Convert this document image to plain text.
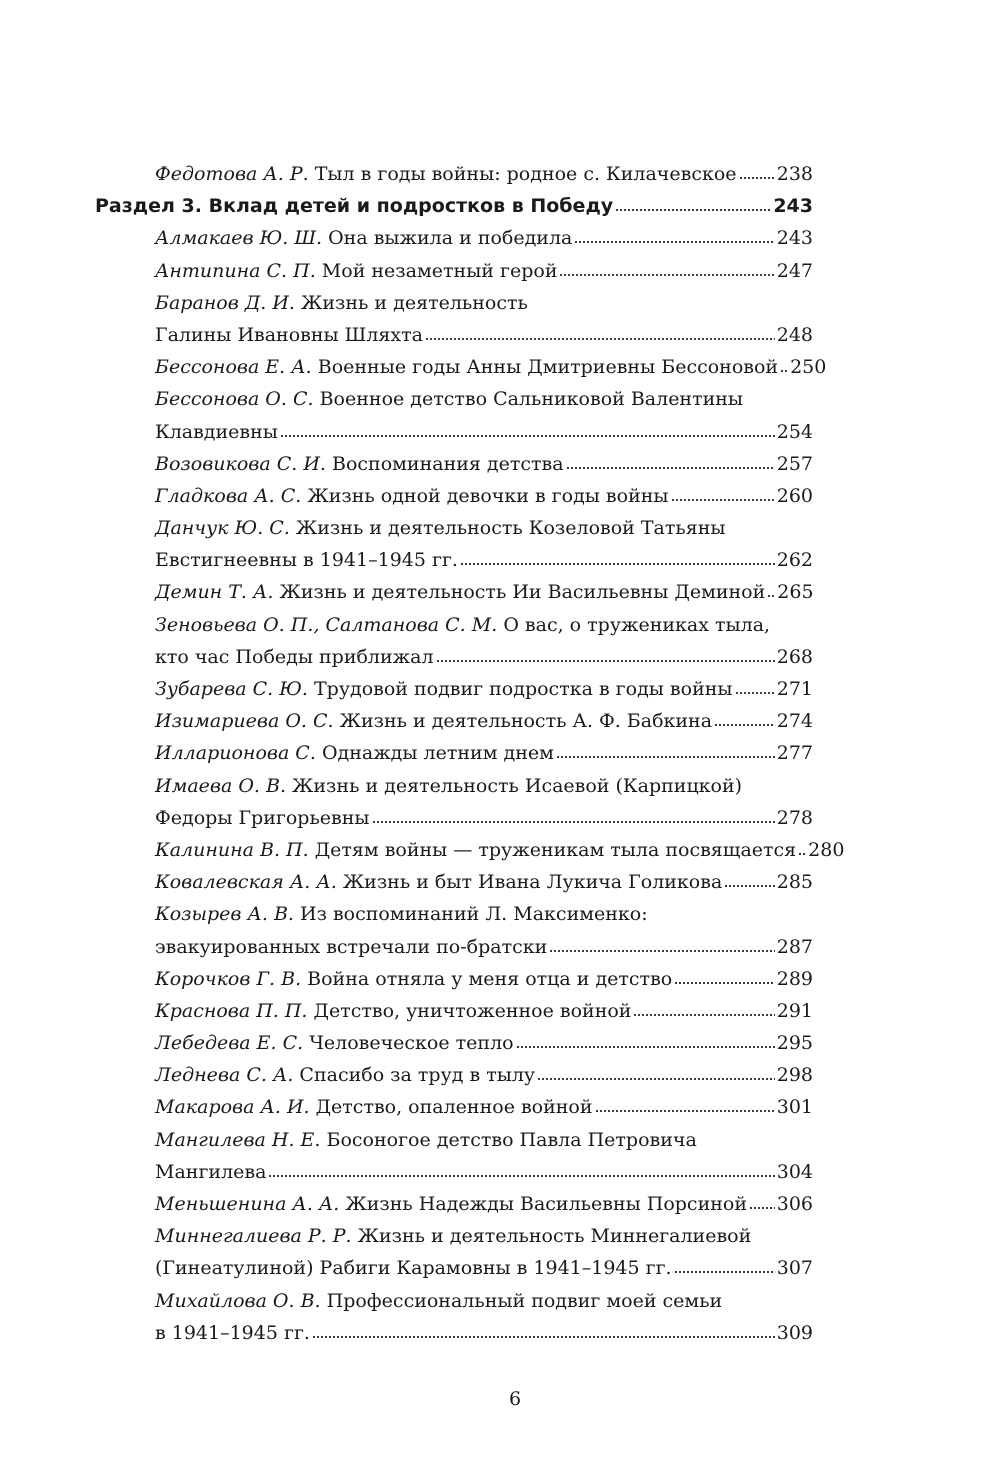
Федотова А. Р. Тыл в годы войны: родное с. Килачевское 238
Раздел 3. Вклад детей и подростков в Победу	243
Алмакаев Ю. Ш. Она выжила и победила	243
Антипина С. П. Мой незаметный герой	247
Баранов Д. И. Жизнь и деятельность
Галины Ивановны Шляхта	248
Бессонова Е. А. Военные годы Анны Дмитриевны Бессоновой 250
Бессонова О. С. Военное детство Сальниковой Валентины
Клавдиевны	254
Возовикова С. И. Воспоминания детства	257
Гладкова А. С. Жизнь одной девочки в годы войны	260
Данчук Ю. С. Жизнь и деятельность Козеловой Татьяны
Евстигнеевны в 1941–1945 гг.	262
Демин Т. А. Жизнь и деятельность Ии Васильевны Деминой 265
Зеновьева О. П., Салтанова С. М. О вас, о тружениках тыла,
кто час Победы приближал	268
Зубарева С. Ю. Трудовой подвиг подростка в годы войны 271
Изимариева О. С. Жизнь и деятельность А. Ф. Бабкина	274
Илларионова С. Однажды летним днем	277
Имаева О. В. Жизнь и деятельность Исаевой (Карпицкой)
Федоры Григорьевны	278
Калинина В. П. Детям войны — труженикам тыла посвящается 280
Ковалевская А. А. Жизнь и быт Ивана Лукича Голикова	285
Козырев А. В. Из воспоминаний Л. Максименко:
эвакуированных встречали по-братски	287
Корочков Г. В. Война отняла у меня отца и детство	289
Краснова П. П. Детство, уничтоженное войной	291
Лебедева Е. С. Человеческое тепло	295
Леднева С. А. Спасибо за труд в тылу	298
Макарова А. И. Детство, опаленное войной	301
Мангилева Н. Е. Босоногое детство Павла Петровича
Мангилева	304
Меньшенина А. А. Жизнь Надежды Васильевны Порсиной 306
Миннегалиева Р. Р. Жизнь и деятельность Миннегалиевой
(Гинеатулиной) Рабиги Карамовны в 1941–1945 гг.	307
Михайлова О. В. Профессиональный подвиг моей семьи
в 1941–1945 гг.	309
6
